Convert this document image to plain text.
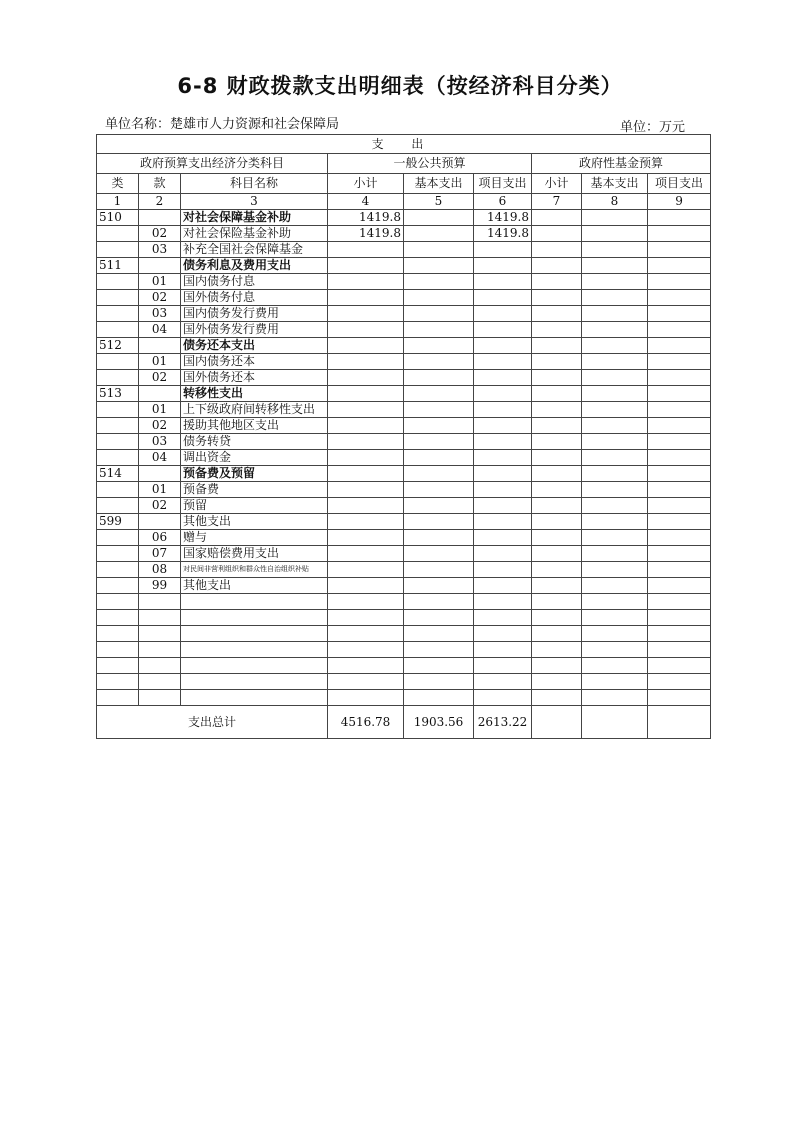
6-8 财政拨款支出明细表（按经济科目分类）
单位名称：楚雄市人力资源和社会保障局	单位：万元
支 出								
政府预算支出经济分类科目			一般公共预算			政府性基金预算		
类	款	科目名称	小计	基本支出	项目支出	小计	基本支出	项目支出
1	2	3	4	5	6	7	8	9
510		对社会保障基金补助	1419.8		1419.8			
	02	对社会保险基金补助	1419.8		1419.8			
	03	补充全国社会保障基金						
511		债务利息及费用支出						
	01	国内债务付息						
	02	国外债务付息						
	03	国内债务发行费用						
	04	国外债务发行费用						
512		债务还本支出						
	01	国内债务还本						
	02	国外债务还本						
513		转移性支出						
	01	上下级政府间转移性支出						
	02	援助其他地区支出						
	03	债务转贷						
	04	调出资金						
514		预备费及预留						
	01	预备费						
	02	预留						
599		其他支出						
	06	赠与						
	07	国家赔偿费用支出						
	08	对民间非营利组织和群众性自治组织补贴						
	99	其他支出						

支出总计			4516.78	1903.56	2613.22			
